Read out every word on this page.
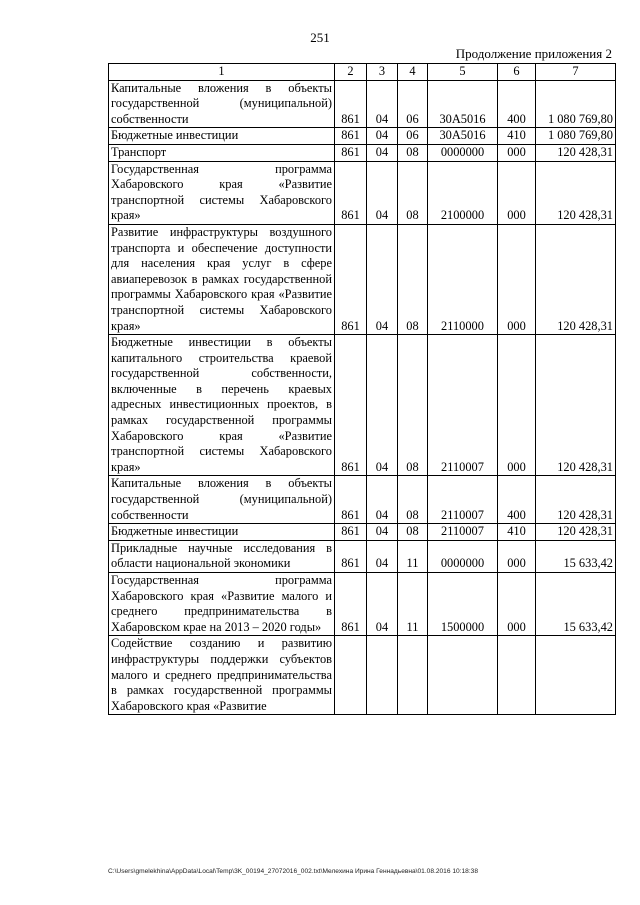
251
Продолжение приложения 2
1	2	3	4	5	6	7
Капитальные вложения в объекты государственной (муниципальной) собственности	861	04	06	30А5016	400	1 080 769,80
Бюджетные инвестиции	861	04	06	30А5016	410	1 080 769,80
Транспорт	861	04	08	0000000	000	120 428,31
Государственная программа Хабаровского края «Развитие транспортной системы Хабаровского края»	861	04	08	2100000	000	120 428,31
Развитие инфраструктуры воздушного транспорта и обеспечение доступности для населения края услуг в сфере авиаперевозок в рамках государственной программы Хабаровского края «Развитие транспортной системы Хабаровского края»	861	04	08	2110000	000	120 428,31
Бюджетные инвестиции в объекты капитального строительства краевой государственной собственности, включенные в перечень краевых адресных инвестиционных проектов, в рамках государственной программы Хабаровского края «Развитие транспортной системы Хабаровского края»	861	04	08	2110007	000	120 428,31
Капитальные вложения в объекты государственной (муниципальной) собственности	861	04	08	2110007	400	120 428,31
Бюджетные инвестиции	861	04	08	2110007	410	120 428,31
Прикладные научные исследования в области национальной экономики	861	04	11	0000000	000	15 633,42
Государственная программа Хабаровского края «Развитие малого и среднего предпринимательства в Хабаровском крае на 2013 – 2020 годы»	861	04	11	1500000	000	15 633,42
Содействие созданию и развитию инфраструктуры поддержки субъектов малого и среднего предпринимательства в рамках государственной программы Хабаровского края «Развитие						
C:\Users\gmelekhina\AppData\Local\Temp\3K_00194_27072016_002.txt\Мелехина Ирина Геннадьевна\01.08.2016 10:18:38
